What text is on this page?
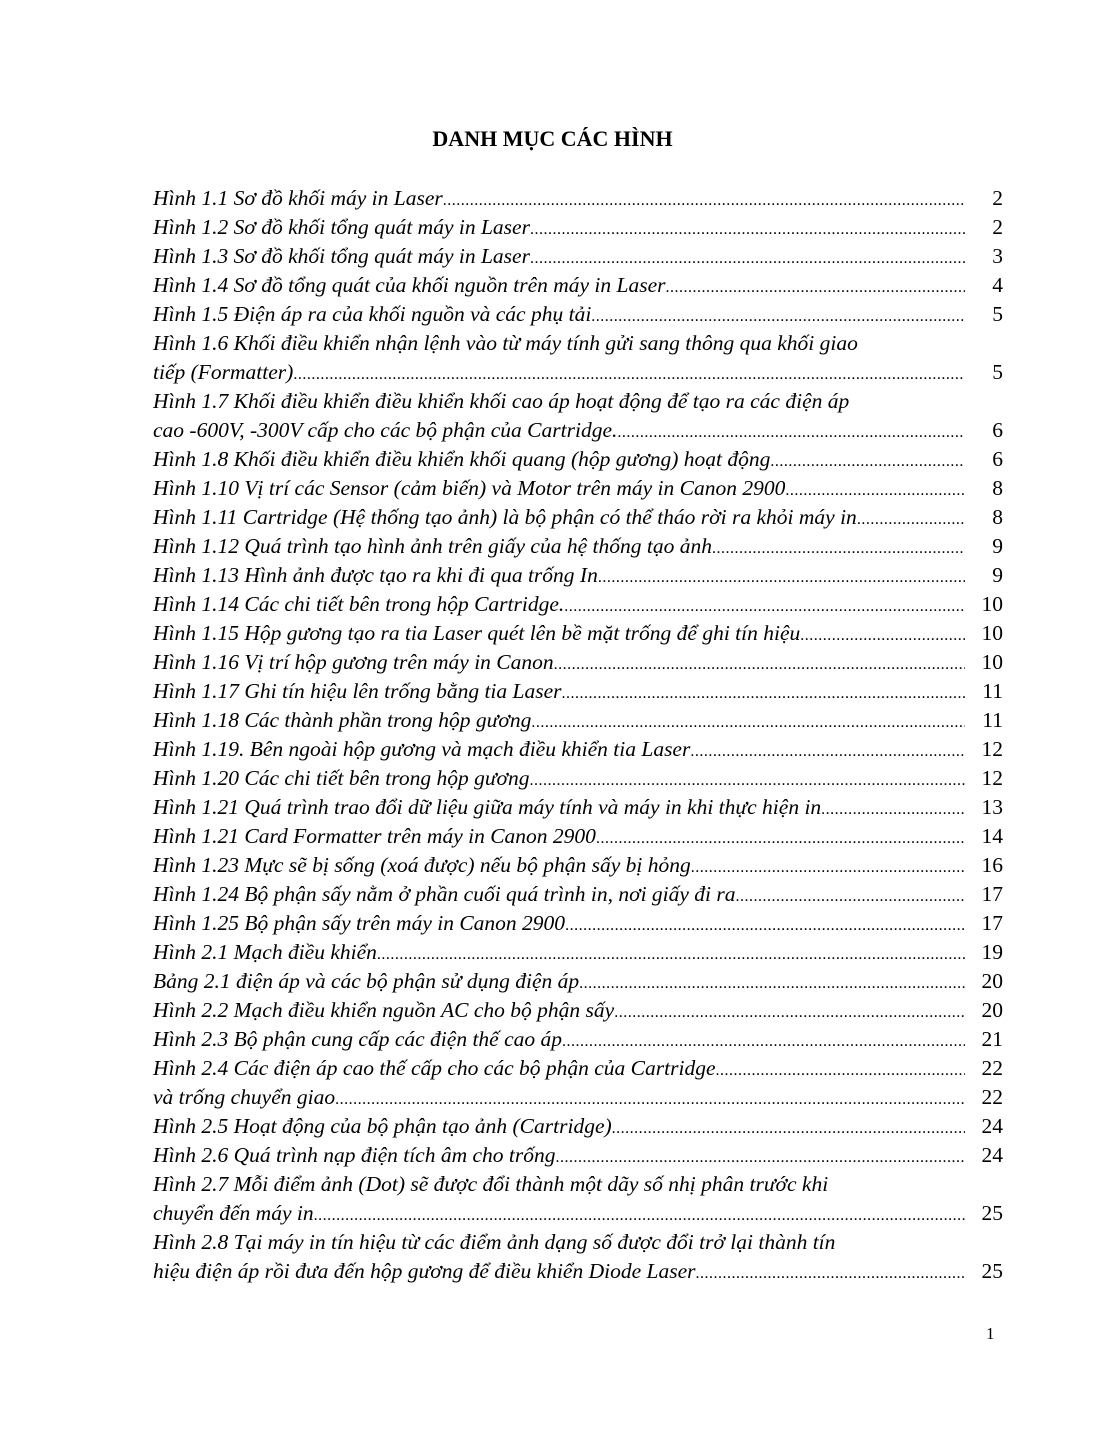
DANH MỤC CÁC HÌNH
Hình 1.1 Sơ đồ khối máy in Laser .....	2
Hình 1.2 Sơ đồ khối tổng quát máy in Laser .....	2
Hình 1.3 Sơ đồ khối tổng quát máy in Laser .....	3
Hình 1.4 Sơ đồ tổng quát của khối nguồn trên máy in Laser .....	4
Hình 1.5 Điện áp ra của khối nguồn và các phụ tải .....	5
Hình 1.6 Khối điều khiển nhận lệnh vào từ máy tính gửi sang thông qua khối giao
tiếp (Formatter) .....	5
Hình 1.7 Khối điều khiển điều khiển khối cao áp hoạt động để tạo ra các điện áp
cao -600V, -300V cấp cho các bộ phận của Cartridge. .....	6
Hình 1.8 Khối điều khiển điều khiển khối quang (hộp gương) hoạt động .....	6
Hình 1.10 Vị trí các Sensor (cảm biến) và Motor trên máy in Canon 2900 .....	8
Hình 1.11 Cartridge (Hệ thống tạo ảnh) là bộ phận có thể tháo rời ra khỏi máy in .....	8
Hình 1.12 Quá trình tạo hình ảnh trên giấy của hệ thống tạo ảnh .....	9
Hình 1.13 Hình ảnh được tạo ra khi đi qua trống In .....	9
Hình 1.14 Các chi tiết bên trong hộp Cartridge. .....	10
Hình 1.15 Hộp gương tạo ra tia Laser quét lên bề mặt trống để ghi tín hiệu .....	10
Hình 1.16 Vị trí hộp gương trên máy in Canon .....	10
Hình 1.17 Ghi tín hiệu lên trống bằng tia Laser .....	11
Hình 1.18 Các thành phần trong hộp gương .....	11
Hình 1.19. Bên ngoài hộp gương và mạch điều khiển tia Laser .....	12
Hình 1.20 Các chi tiết bên trong hộp gương .....	12
Hình 1.21 Quá trình trao đổi dữ liệu giữa máy tính và máy in khi thực hiện in .....	13
Hình 1.21 Card Formatter trên máy in Canon 2900 .....	14
Hình 1.23 Mực sẽ bị sống (xoá được) nếu bộ phận sấy bị hỏng .....	16
Hình 1.24 Bộ phận sấy nằm ở phần cuối quá trình in, nơi giấy đi ra .....	17
Hình 1.25 Bộ phận sấy trên máy in Canon 2900 .....	17
Hình 2.1 Mạch điều khiển .....	19
Bảng 2.1 điện áp và các bộ phận sử dụng điện áp .....	20
Hình 2.2 Mạch điều khiển nguồn AC cho bộ phận sấy .....	20
Hình 2.3 Bộ phận cung cấp các điện thế cao áp .....	21
Hình 2.4 Các điện áp cao thế cấp cho các bộ phận của Cartridge .....	22
và trống chuyển giao .....	22
Hình 2.5 Hoạt động của bộ phận tạo ảnh (Cartridge) .....	24
Hình 2.6 Quá trình nạp điện tích âm cho trống .....	24
Hình 2.7 Mỗi điểm ảnh (Dot) sẽ được đổi thành một dãy số nhị phân trước khi
chuyển đến máy in .....	25
Hình 2.8 Tại máy in tín hiệu từ các điểm ảnh dạng số được đổi trở lại thành tín
hiệu điện áp rồi đưa đến hộp gương để điều khiển Diode Laser .....	25
1
